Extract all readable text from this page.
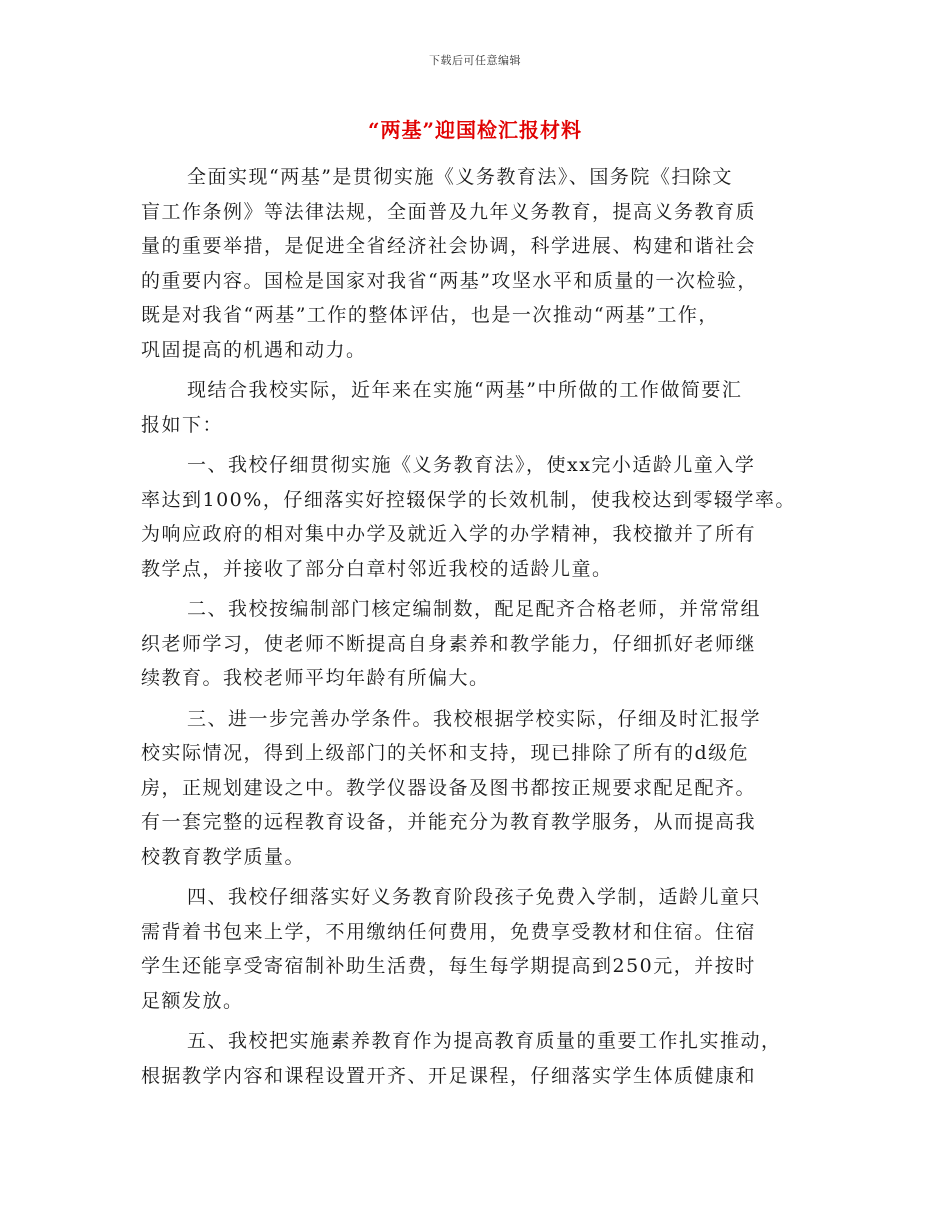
下载后可任意编辑
“两基”迎国检汇报材料
全面实现“两基”是贯彻实施《义务教育法》、国务院《扫除文
盲工作条例》等法律法规，全面普及九年义务教育，提高义务教育质
量的重要举措，是促进全省经济社会协调，科学进展、构建和谐社会
的重要内容。国检是国家对我省“两基”攻坚水平和质量的一次检验，
既是对我省“两基”工作的整体评估，也是一次推动“两基”工作，
巩固提高的机遇和动力。
现结合我校实际，近年来在实施“两基”中所做的工作做简要汇
报如下：
一、我校仔细贯彻实施《义务教育法》，使xx完小适龄儿童入学
率达到100%，仔细落实好控辍保学的长效机制，使我校达到零辍学率。
为响应政府的相对集中办学及就近入学的办学精神，我校撤并了所有
教学点，并接收了部分白章村邻近我校的适龄儿童。
二、我校按编制部门核定编制数，配足配齐合格老师，并常常组
织老师学习，使老师不断提高自身素养和教学能力，仔细抓好老师继
续教育。我校老师平均年龄有所偏大。
三、进一步完善办学条件。我校根据学校实际，仔细及时汇报学
校实际情况，得到上级部门的关怀和支持，现已排除了所有的d级危
房，正规划建设之中。教学仪器设备及图书都按正规要求配足配齐。
有一套完整的远程教育设备，并能充分为教育教学服务，从而提高我
校教育教学质量。
四、我校仔细落实好义务教育阶段孩子免费入学制，适龄儿童只
需背着书包来上学，不用缴纳任何费用，免费享受教材和住宿。住宿
学生还能享受寄宿制补助生活费，每生每学期提高到250元，并按时
足额发放。
五、我校把实施素养教育作为提高教育质量的重要工作扎实推动，
根据教学内容和课程设置开齐、开足课程，仔细落实学生体质健康和
